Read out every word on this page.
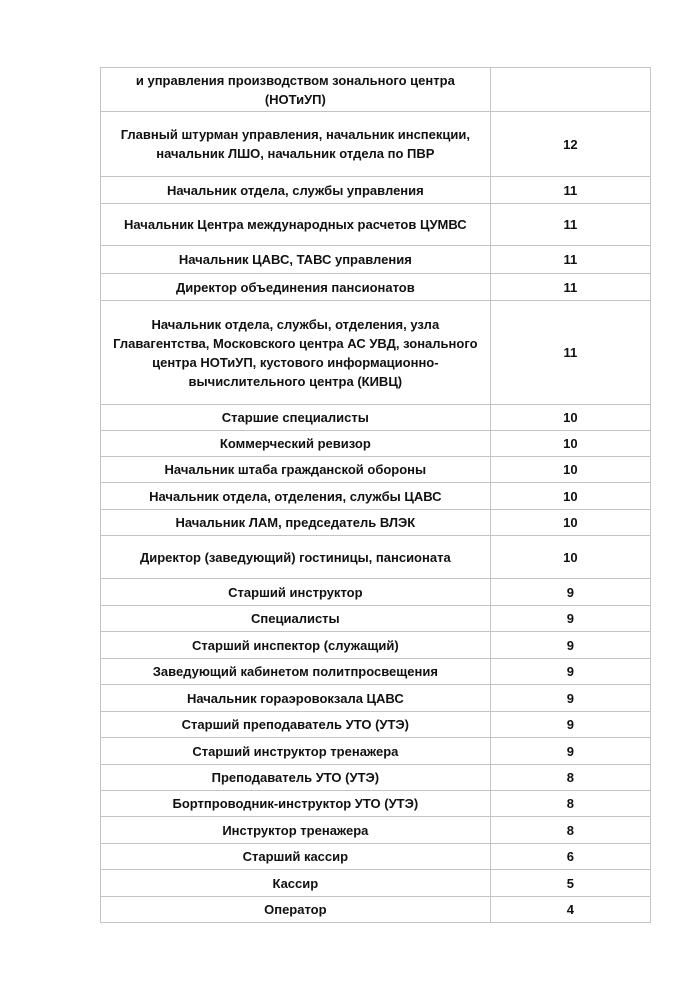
и управления производством зонального центра (НОТиУП)	
Главный штурман управления, начальник инспекции, начальник ЛШО, начальник отдела по ПВР	12
Начальник отдела, службы управления	11
Начальник Центра международных расчетов ЦУМВС	11
Начальник ЦАВС, ТАВС управления	11
Директор объединения пансионатов	11
Начальник отдела, службы, отделения, узла Главагентства, Московского центра АС УВД, зонального центра НОТиУП, кустового информационно-вычислительного центра (КИВЦ)	11
Старшие специалисты	10
Коммерческий ревизор	10
Начальник штаба гражданской обороны	10
Начальник отдела, отделения, службы ЦАВС	10
Начальник ЛАМ, председатель ВЛЭК	10
Директор (заведующий) гостиницы, пансионата	10
Старший инструктор	9
Специалисты	9
Старший инспектор (служащий)	9
Заведующий кабинетом политпросвещения	9
Начальник горaэровокзала ЦАВС	9
Старший преподаватель УТО (УТЭ)	9
Старший инструктор тренажера	9
Преподаватель УТО (УТЭ)	8
Бортпроводник-инструктор УТО (УТЭ)	8
Инструктор тренажера	8
Старший кассир	6
Кассир	5
Оператор	4
